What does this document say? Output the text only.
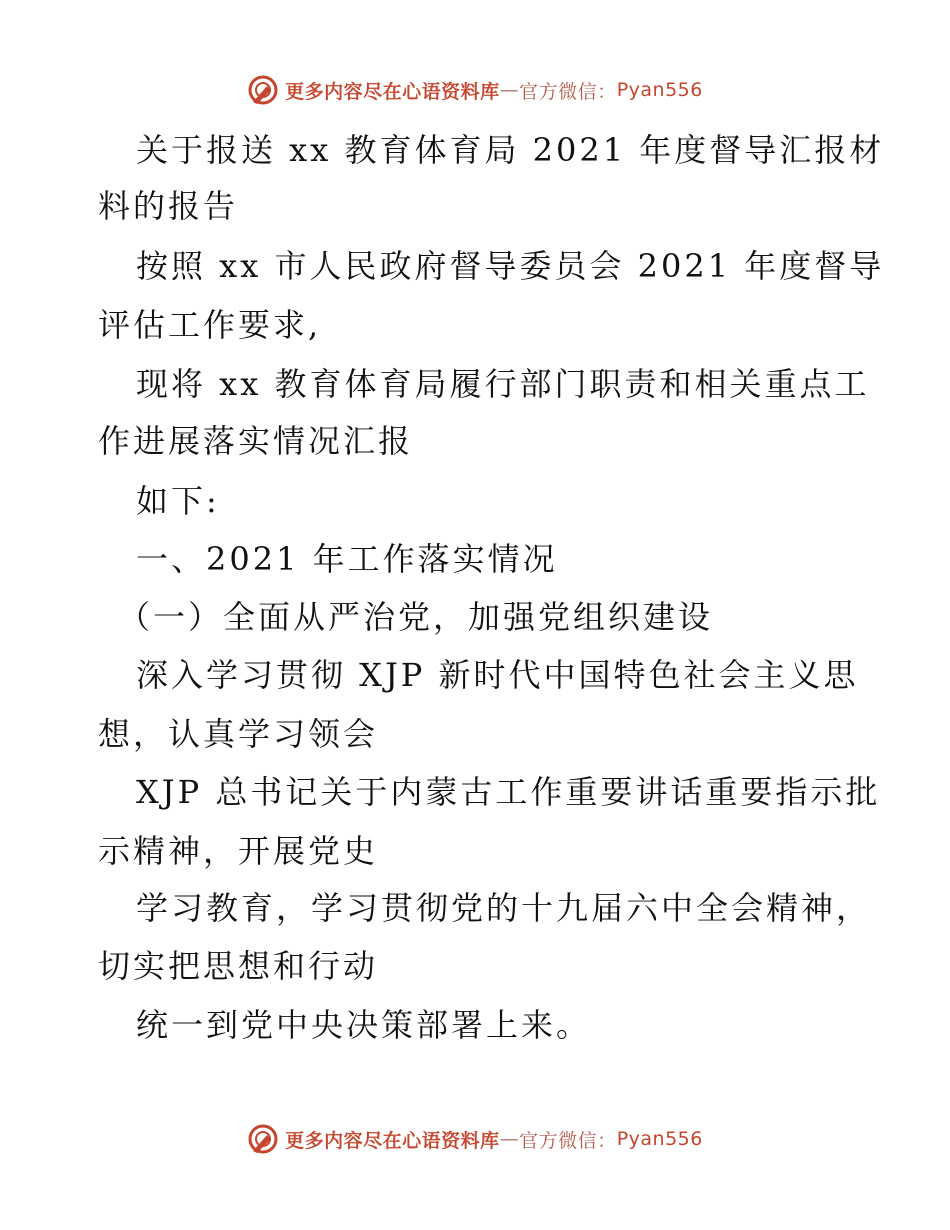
更多内容尽在心语资料库 — 官方微信： Pyan556
关于报送 xx 教育体育局 2021 年度督导汇报材
料的报告
按照 xx 市人民政府督导委员会 2021 年度督导
评估工作要求,
现将 xx 教育体育局履行部门职责和相关重点工
作进展落实情况汇报
如下:
一、2021 年工作落实情况
（一）全面从严治党，加强党组织建设
深入学习贯彻 XJP 新时代中国特色社会主义思
想，认真学习领会
XJP 总书记关于内蒙古工作重要讲话重要指示批
示精神，开展党史
学习教育，学习贯彻党的十九届六中全会精神，
切实把思想和行动
统一到党中央决策部署上来。
更多内容尽在心语资料库 — 官方微信： Pyan556
